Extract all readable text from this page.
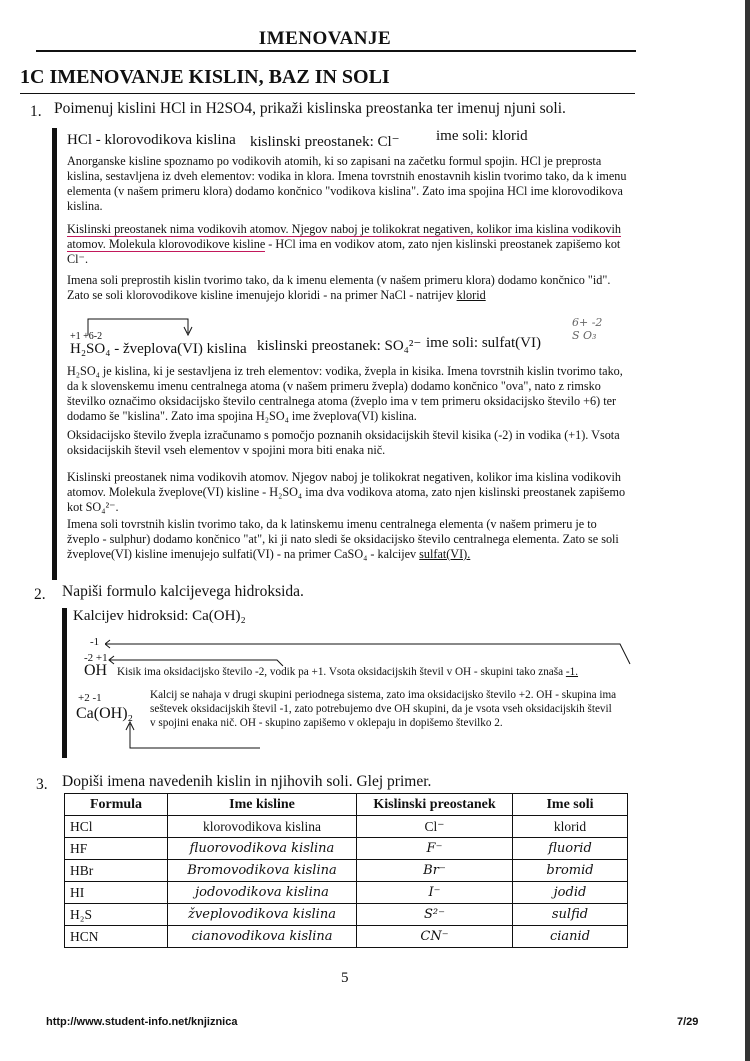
IMENOVANJE
1C IMENOVANJE KISLIN, BAZ IN SOLI
1. Poimenuj kislini HCl in H2SO4, prikaži kislinska preostanka ter imenuj njuni soli.
HCl - klorovodikova kislina kislinski preostanek: Cl⁻ ime soli: klorid
Anorganske kisline spoznamo po vodikovih atomih, ki so zapisani na začetku formul spojin. HCl je preprosta kislina, sestavljena iz dveh elementov: vodika in klora. Imena tovrstnih enostavnih kislin tvorimo tako, da k imenu elementa (v našem primeru klora) dodamo končnico "vodikova kislina". Zato ima spojina HCl ime klorovodikova kislina.
Kislinski preostanek nima vodikovih atomov. Njegov naboj je tolikokrat negativen, kolikor ima kislina vodikovih atomov. Molekula klorovodikove kisline - HCl ima en vodikov atom, zato njen kislinski preostanek zapišemo kot Cl⁻.
Imena soli preprostih kislin tvorimo tako, da k imenu elementa (v našem primeru klora) dodamo končnico "id". Zato se soli klorovodikove kisline imenujejo kloridi - na primer NaCl - natrijev klorid
+1 +6-2
H₂SO₄ - žveplova(VI) kislina kislinski preostanek: SO₄²⁻ ime soli: sulfat(VI)
6+ -2
S O₃
H₂SO₄ je kislina, ki je sestavljena iz treh elementov: vodika, žvepla in kisika. Imena tovrstnih kislin tvorimo tako, da k slovenskemu imenu centralnega atoma (v našem primeru žvepla) dodamo končnico "ova", nato z rimsko številko označimo oksidacijsko število centralnega atoma (žveplo ima v tem primeru oksidacijsko število +6) ter dodamo še "kislina". Zato ima spojina H₂SO₄ ime žveplova(VI) kislina.
Oksidacijsko število žvepla izračunamo s pomočjo poznanih oksidacijskih števil kisika (-2) in vodika (+1). Vsota oksidacijskih števil vseh elementov v spojini mora biti enaka nič.
Kislinski preostanek nima vodikovih atomov. Njegov naboj je tolikokrat negativen, kolikor ima kislina vodikovih atomov. Molekula žveplove(VI) kisline - H₂SO₄ ima dva vodikova atoma, zato njen kislinski preostanek zapišemo kot SO₄²⁻.
Imena soli tovrstnih kislin tvorimo tako, da k latinskemu imenu centralnega elementa (v našem primeru je to žveplo - sulphur) dodamo končnico "at", ki ji nato sledi še oksidacijsko število centralnega elementa. Zato se soli žveplove(VI) kisline imenujejo sulfati(VI) - na primer CaSO₄ - kalcijev sulfat(VI).
2. Napiši formulo kalcijevega hidroksida.
Kalcijev hidroksid: Ca(OH)₂
-1
-2 +1
OH Kisik ima oksidacijsko število -2, vodik pa +1. Vsota oksidacijskih števil v OH - skupini tako znaša -1.
+2 -1
Ca(OH)₂
Kalcij se nahaja v drugi skupini periodnega sistema, zato ima oksidacijsko število +2. OH - skupina ima seštevek oksidacijskih števil -1, zato potrebujemo dve OH skupini, da je vsota vseh oksidacijskih števil v spojini enaka nič. OH - skupino zapišemo v oklepaju in dopišemo številko 2.
3. Dopiši imena navedenih kislin in njihovih soli. Glej primer.
Formula	Ime kisline	Kislinski preostanek	Ime soli
HCl	klorovodikova kislina	Cl⁻	klorid
HF	fluorovodikova kislina	F⁻	fluorid
HBr	Bromovodikova kislina	Br⁻	bromid
HI	jodovodikova kislina	I⁻	jodid
H₂S	žveplovodikova kislina	S²⁻	sulfid
HCN	cianovodikova kislina	CN⁻	cianid
5
http://www.student-info.net/knjiznica	7/29
